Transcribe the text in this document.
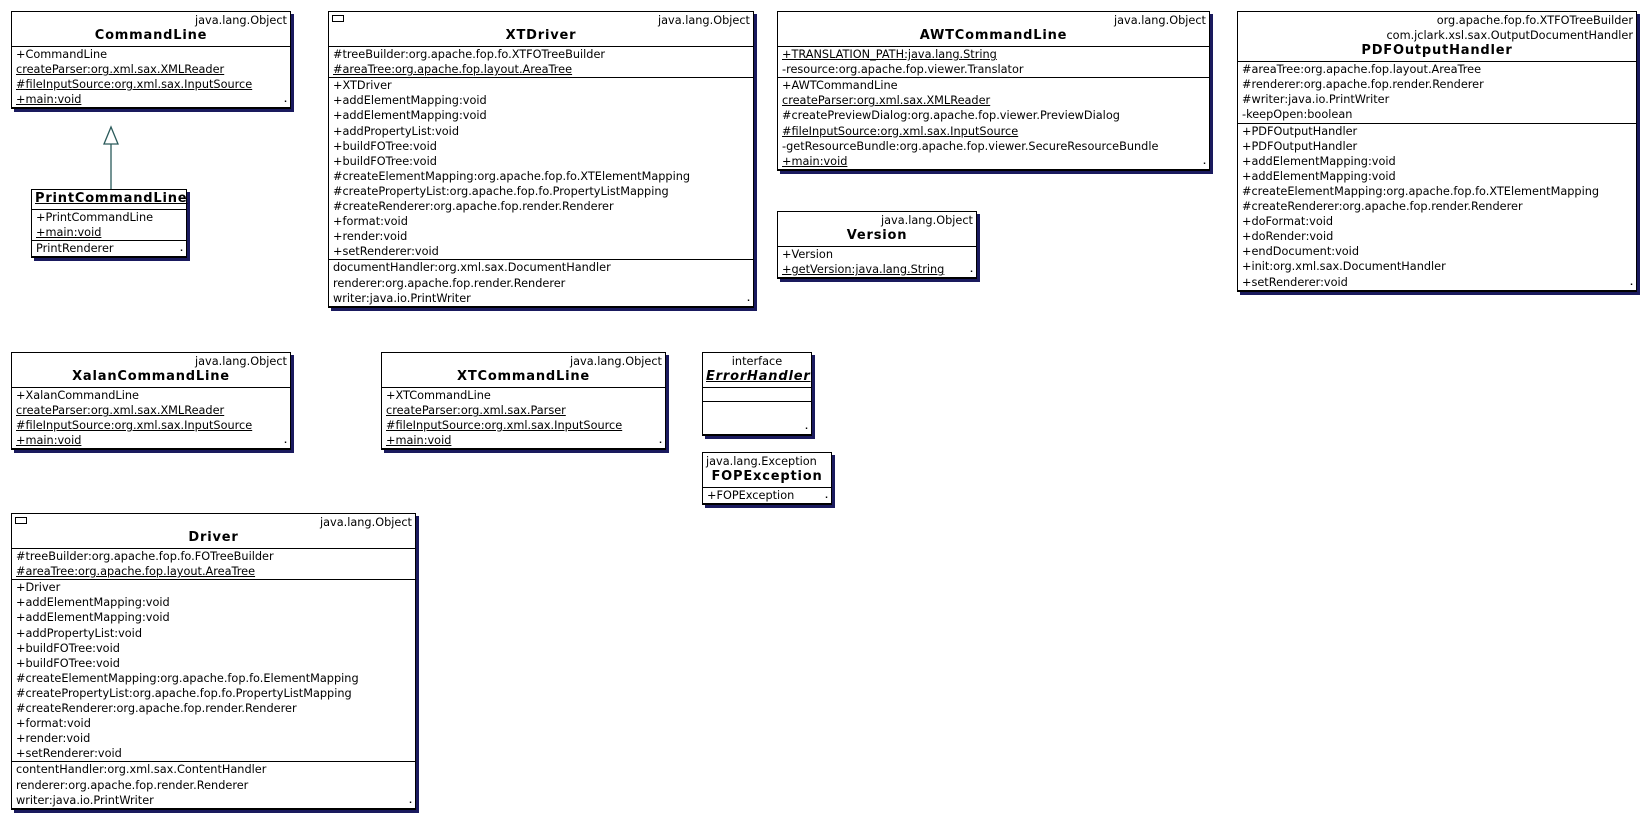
java.lang.Object
CommandLine
+CommandLine
createParser:org.xml.sax.XMLReader
#fileInputSource:org.xml.sax.InputSource
+main:void	·
PrintCommandLine
+PrintCommandLine
+main:void
PrintRenderer	·
java.lang.Object
XTDriver
#treeBuilder:org.apache.fop.fo.XTFOTreeBuilder
#areaTree:org.apache.fop.layout.AreaTree
+XTDriver
+addElementMapping:void
+addElementMapping:void
+addPropertyList:void
+buildFOTree:void
+buildFOTree:void
#createElementMapping:org.apache.fop.fo.XTElementMapping
#createPropertyList:org.apache.fop.fo.PropertyListMapping
#createRenderer:org.apache.fop.render.Renderer
+format:void
+render:void
+setRenderer:void
documentHandler:org.xml.sax.DocumentHandler
renderer:org.apache.fop.render.Renderer
writer:java.io.PrintWriter	·
java.lang.Object
AWTCommandLine
+TRANSLATION_PATH:java.lang.String
-resource:org.apache.fop.viewer.Translator
+AWTCommandLine
createParser:org.xml.sax.XMLReader
#createPreviewDialog:org.apache.fop.viewer.PreviewDialog
#fileInputSource:org.xml.sax.InputSource
-getResourceBundle:org.apache.fop.viewer.SecureResourceBundle
+main:void	·
java.lang.Object
Version
+Version
+getVersion:java.lang.String	·
org.apache.fop.fo.XTFOTreeBuilder
com.jclark.xsl.sax.OutputDocumentHandler
PDFOutputHandler
#areaTree:org.apache.fop.layout.AreaTree
#renderer:org.apache.fop.render.Renderer
#writer:java.io.PrintWriter
-keepOpen:boolean
+PDFOutputHandler
+PDFOutputHandler
+addElementMapping:void
+addElementMapping:void
#createElementMapping:org.apache.fop.fo.XTElementMapping
#createRenderer:org.apache.fop.render.Renderer
+doFormat:void
+doRender:void
+endDocument:void
+init:org.xml.sax.DocumentHandler
+setRenderer:void	·
java.lang.Object
XalanCommandLine
+XalanCommandLine
createParser:org.xml.sax.XMLReader
#fileInputSource:org.xml.sax.InputSource
+main:void	·
java.lang.Object
XTCommandLine
+XTCommandLine
createParser:org.xml.sax.Parser
#fileInputSource:org.xml.sax.InputSource
+main:void	·
interface
ErrorHandler
·
java.lang.Exception
FOPException
+FOPException	·
java.lang.Object
Driver
#treeBuilder:org.apache.fop.fo.FOTreeBuilder
#areaTree:org.apache.fop.layout.AreaTree
+Driver
+addElementMapping:void
+addElementMapping:void
+addPropertyList:void
+buildFOTree:void
+buildFOTree:void
#createElementMapping:org.apache.fop.fo.ElementMapping
#createPropertyList:org.apache.fop.fo.PropertyListMapping
#createRenderer:org.apache.fop.render.Renderer
+format:void
+render:void
+setRenderer:void
contentHandler:org.xml.sax.ContentHandler
renderer:org.apache.fop.render.Renderer
writer:java.io.PrintWriter	·
